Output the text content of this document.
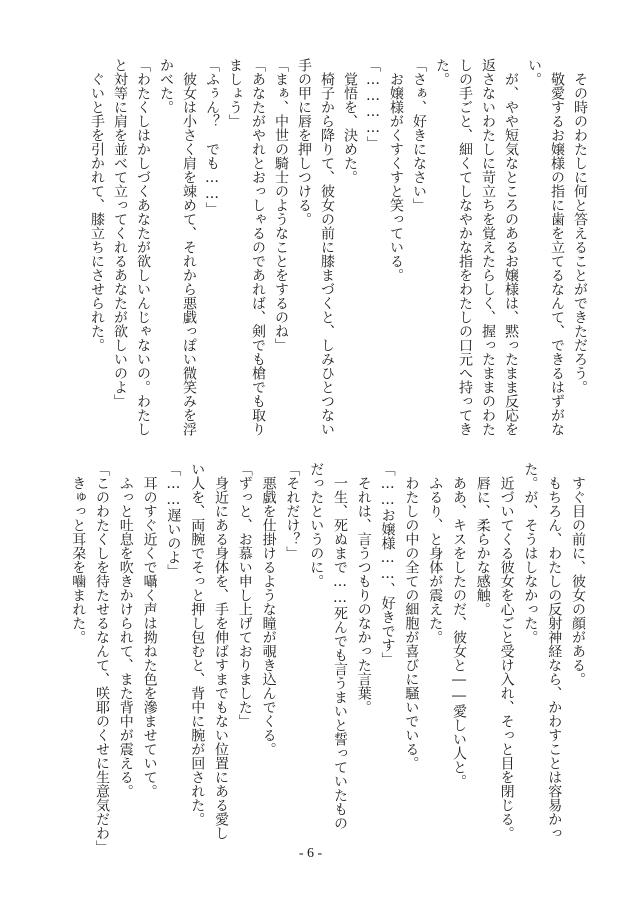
　その時のわたしに何と答えることができただろう。
　敬愛するお嬢様の指に歯を立てるなんて、できるはずがな
い。
　が、やや短気なところのあるお嬢様は、黙ったまま反応を
返さないわたしに苛立ちを覚えたらしく、握ったままのわた
しの手ごと、細くてしなやかな指をわたしの口元へ持ってき
た。
「さぁ、好きになさい」
　お嬢様がくすくすと笑っている。
「…………」
　覚悟を、決めた。
　椅子から降りて、彼女の前に膝まづくと、しみひとつない
手の甲に唇を押しつける。
「まぁ、中世の騎士のようなことをするのね」
「あなたがやれとおっしゃるのであれば、剣でも槍でも取り
ましょう」
「ふぅん？　でも……」
　彼女は小さく肩を竦めて、それから悪戯っぽい微笑みを浮
かべた。
「わたくしはかしづくあなたが欲しいんじゃないの。わたし
と対等に肩を並べて立ってくれるあなたが欲しいのよ」
　ぐいと手を引かれて、膝立ちにさせられた。
　すぐ目の前に、彼女の顔がある。
　もちろん、わたしの反射神経なら、かわすことは容易かっ
た。が、そうはしなかった。
　近づいてくる彼女を心ごと受け入れ、そっと目を閉じる。
　唇に、柔らかな感触。
　ああ、キスをしたのだ、彼女と――愛しい人と。
　ふるり、と身体が震えた。
　わたしの中の全ての細胞が喜びに騒いでいる。
「……お嬢様……、好きです」
　それは、言うつもりのなかった言葉。
　一生、死ぬまで……死んでも言うまいと誓っていたもの
だったというのに。
「それだけ？」
　悪戯を仕掛けるような瞳が覗き込んでくる。
「ずっと、お慕い申し上げておりました」
　身近にある身体を、手を伸ばすまでもない位置にある愛し
い人を、両腕でそっと押し包むと、背中に腕が回された。
「……遅いのよ」
　耳のすぐ近くで囁く声は拗ねた色を滲ませていて。
　ふっと吐息を吹きかけられて、また背中が震える。
「このわたくしを待たせるなんて、咲耶のくせに生意気だわ」
　きゅっと耳朶を噛まれた。
- 6 -
